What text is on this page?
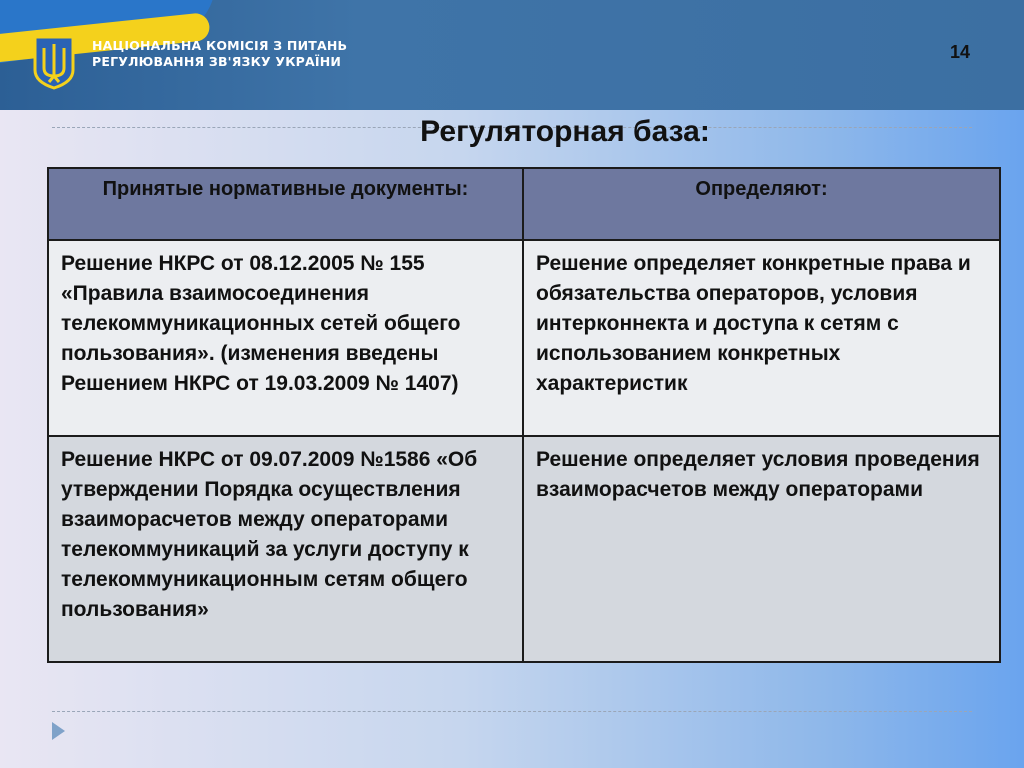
НАЦІОНАЛЬНА КОМІСІЯ З ПИТАНЬ
РЕГУЛЮВАННЯ ЗВ'ЯЗКУ УКРАЇНИ	14
Регуляторная база:
Принятые нормативные документы:	Определяют:
Решение НКРС от 08.12.2005 № 155 «Правила взаимосоединения телекоммуникационных сетей общего пользования». (изменения введены Решением НКРС от 19.03.2009 № 1407)	Решение определяет конкретные права и обязательства операторов, условия интерконнекта и доступа к сетям с использованием конкретных характеристик
Решение НКРС от 09.07.2009 №1586 «Об утверждении Порядка осуществления взаиморасчетов между операторами телекоммуникаций за услуги доступу к телекоммуникационным сетям общего пользования»	Решение определяет условия проведения взаиморасчетов между операторами
